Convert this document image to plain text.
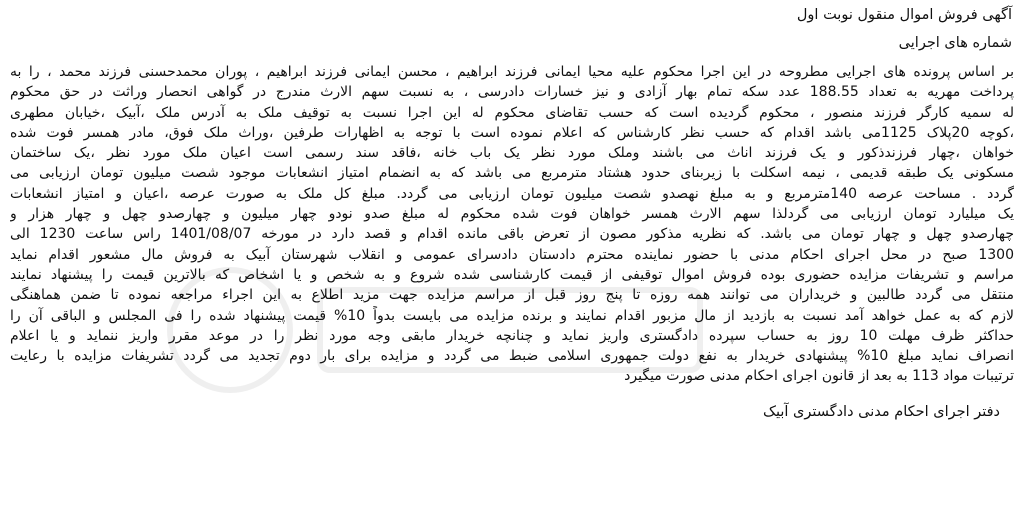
آگهی فروش اموال منقول نوبت اول
شماره های اجرایی
بر اساس پرونده های اجرایی مطروحه در این اجرا محکوم علیه محیا ایمانی فرزند ابراهیم ، محسن ایمانی فرزند ابراهیم ، پوران محمدحسنی فرزند محمد ، را به
پرداخت مهریه به تعداد 188.55 عدد سکه تمام بهار آزادی و نیز خسارات دادرسی ، به نسبت سهم الارث مندرج در گواهی انحصار وراثت در حق محکوم
له سمیه کارگر فرزند منصور ، محکوم گردیده است که حسب تقاضای محکوم له این اجرا نسبت به توقیف ملک به آدرس ملک ،آبیک ،خیابان مطهری
،کوچه 20پلاک 1125می باشد اقدام که حسب نظر کارشناس که اعلام نموده است با توجه به اظهارات طرفین ،وراث ملک فوق، مادر همسر فوت شده
خواهان ،چهار فرزندذکور و یک فرزند اناث می باشند وملک مورد نظر یک باب خانه ،فاقد سند رسمی است اعیان ملک مورد نظر ،یک ساختمان
مسکونی یک طبقه قدیمی ، نیمه اسکلت با زیربنای حدود هشتاد مترمربع می باشد که به انضمام امتیاز انشعابات موجود شصت میلیون تومان ارزیابی می
گردد . مساحت عرصه 140مترمربع و به مبلغ نهصدو شصت میلیون تومان ارزیابی می گردد. مبلغ کل ملک به صورت عرصه ،اعیان و امتیاز انشعابات
یک میلیارد تومان ارزیابی می گردلذا سهم الارث همسر خواهان فوت شده محکوم له مبلغ صدو نودو چهار میلیون و چهارصدو چهل و چهار هزار و
چهارصدو چهل و چهار تومان می باشد. که نظریه مذکور مصون از تعرض باقی مانده اقدام و قصد دارد در مورخه 1401/08/07 راس ساعت 1230 الی
1300 صبح در محل اجرای احکام مدنی با حضور نماینده محترم دادستان دادسرای عمومی و انقلاب شهرستان آبیک به فروش مال مشعور اقدام نماید
مراسم و تشریفات مزایده حضوری بوده فروش اموال توقیفی از قیمت کارشناسی شده شروع و به شخص و یا اشخاص که بالاترین قیمت را پیشنهاد نمایند
منتقل می گردد طالبین و خریداران می توانند همه روزه تا پنج روز قبل از مراسم مزایده جهت مزید اطلاع به این اجراء مراجعه نموده تا ضمن هماهنگی
لازم که به عمل خواهد آمد نسبت به بازدید از مال مزبور اقدام نمایند و برنده مزایده می بایست بدواً 10% قیمت پیشنهاد شده را فی المجلس و الباقی آن را
حداکثر ظرف مهلت 10 روز به حساب سپرده دادگستری واریز نماید و چنانچه خریدار مابقی وجه مورد نظر را در موعد مقرر واریز ننماید و یا اعلام
انصراف نماید مبلغ 10% پیشنهادی خریدار به نفع دولت جمهوری اسلامی ضبط می گردد و مزایده برای بار دوم تجدید می گردد تشریفات مزایده با رعایت
ترتیبات مواد 113 به بعد از قانون اجرای احکام مدنی صورت میگیرد
دفتر اجرای احکام مدنی دادگستری آبیک
